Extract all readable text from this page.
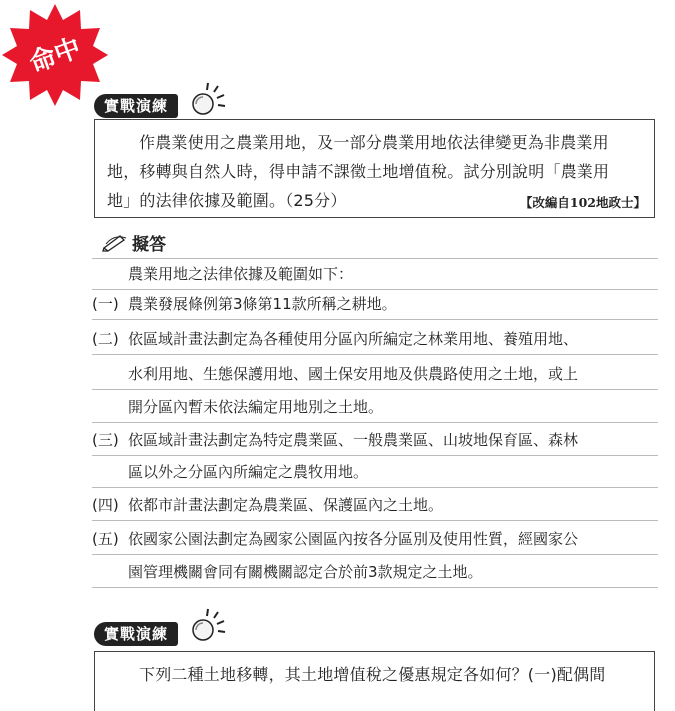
命中
實戰演練
作農業使用之農業用地，及一部分農業用地依法律變更為非農業用
地，移轉與自然人時，得申請不課徵土地增值稅。試分別說明「農業用
地」的法律依據及範圍。（25分）	【改編自102地政士】
擬答
農業用地之法律依據及範圍如下：
(一) 農業發展條例第3條第11款所稱之耕地。
(二) 依區域計畫法劃定為各種使用分區內所編定之林業用地、養殖用地、
水利用地、生態保護用地、國土保安用地及供農路使用之土地，或上
開分區內暫未依法編定用地別之土地。
(三) 依區域計畫法劃定為特定農業區、一般農業區、山坡地保育區、森林
區以外之分區內所編定之農牧用地。
(四) 依都市計畫法劃定為農業區、保護區內之土地。
(五) 依國家公園法劃定為國家公園區內按各分區別及使用性質，經國家公
園管理機關會同有關機關認定合於前3款規定之土地。
實戰演練
下列二種土地移轉，其土地增值稅之優惠規定各如何？(一)配偶間
